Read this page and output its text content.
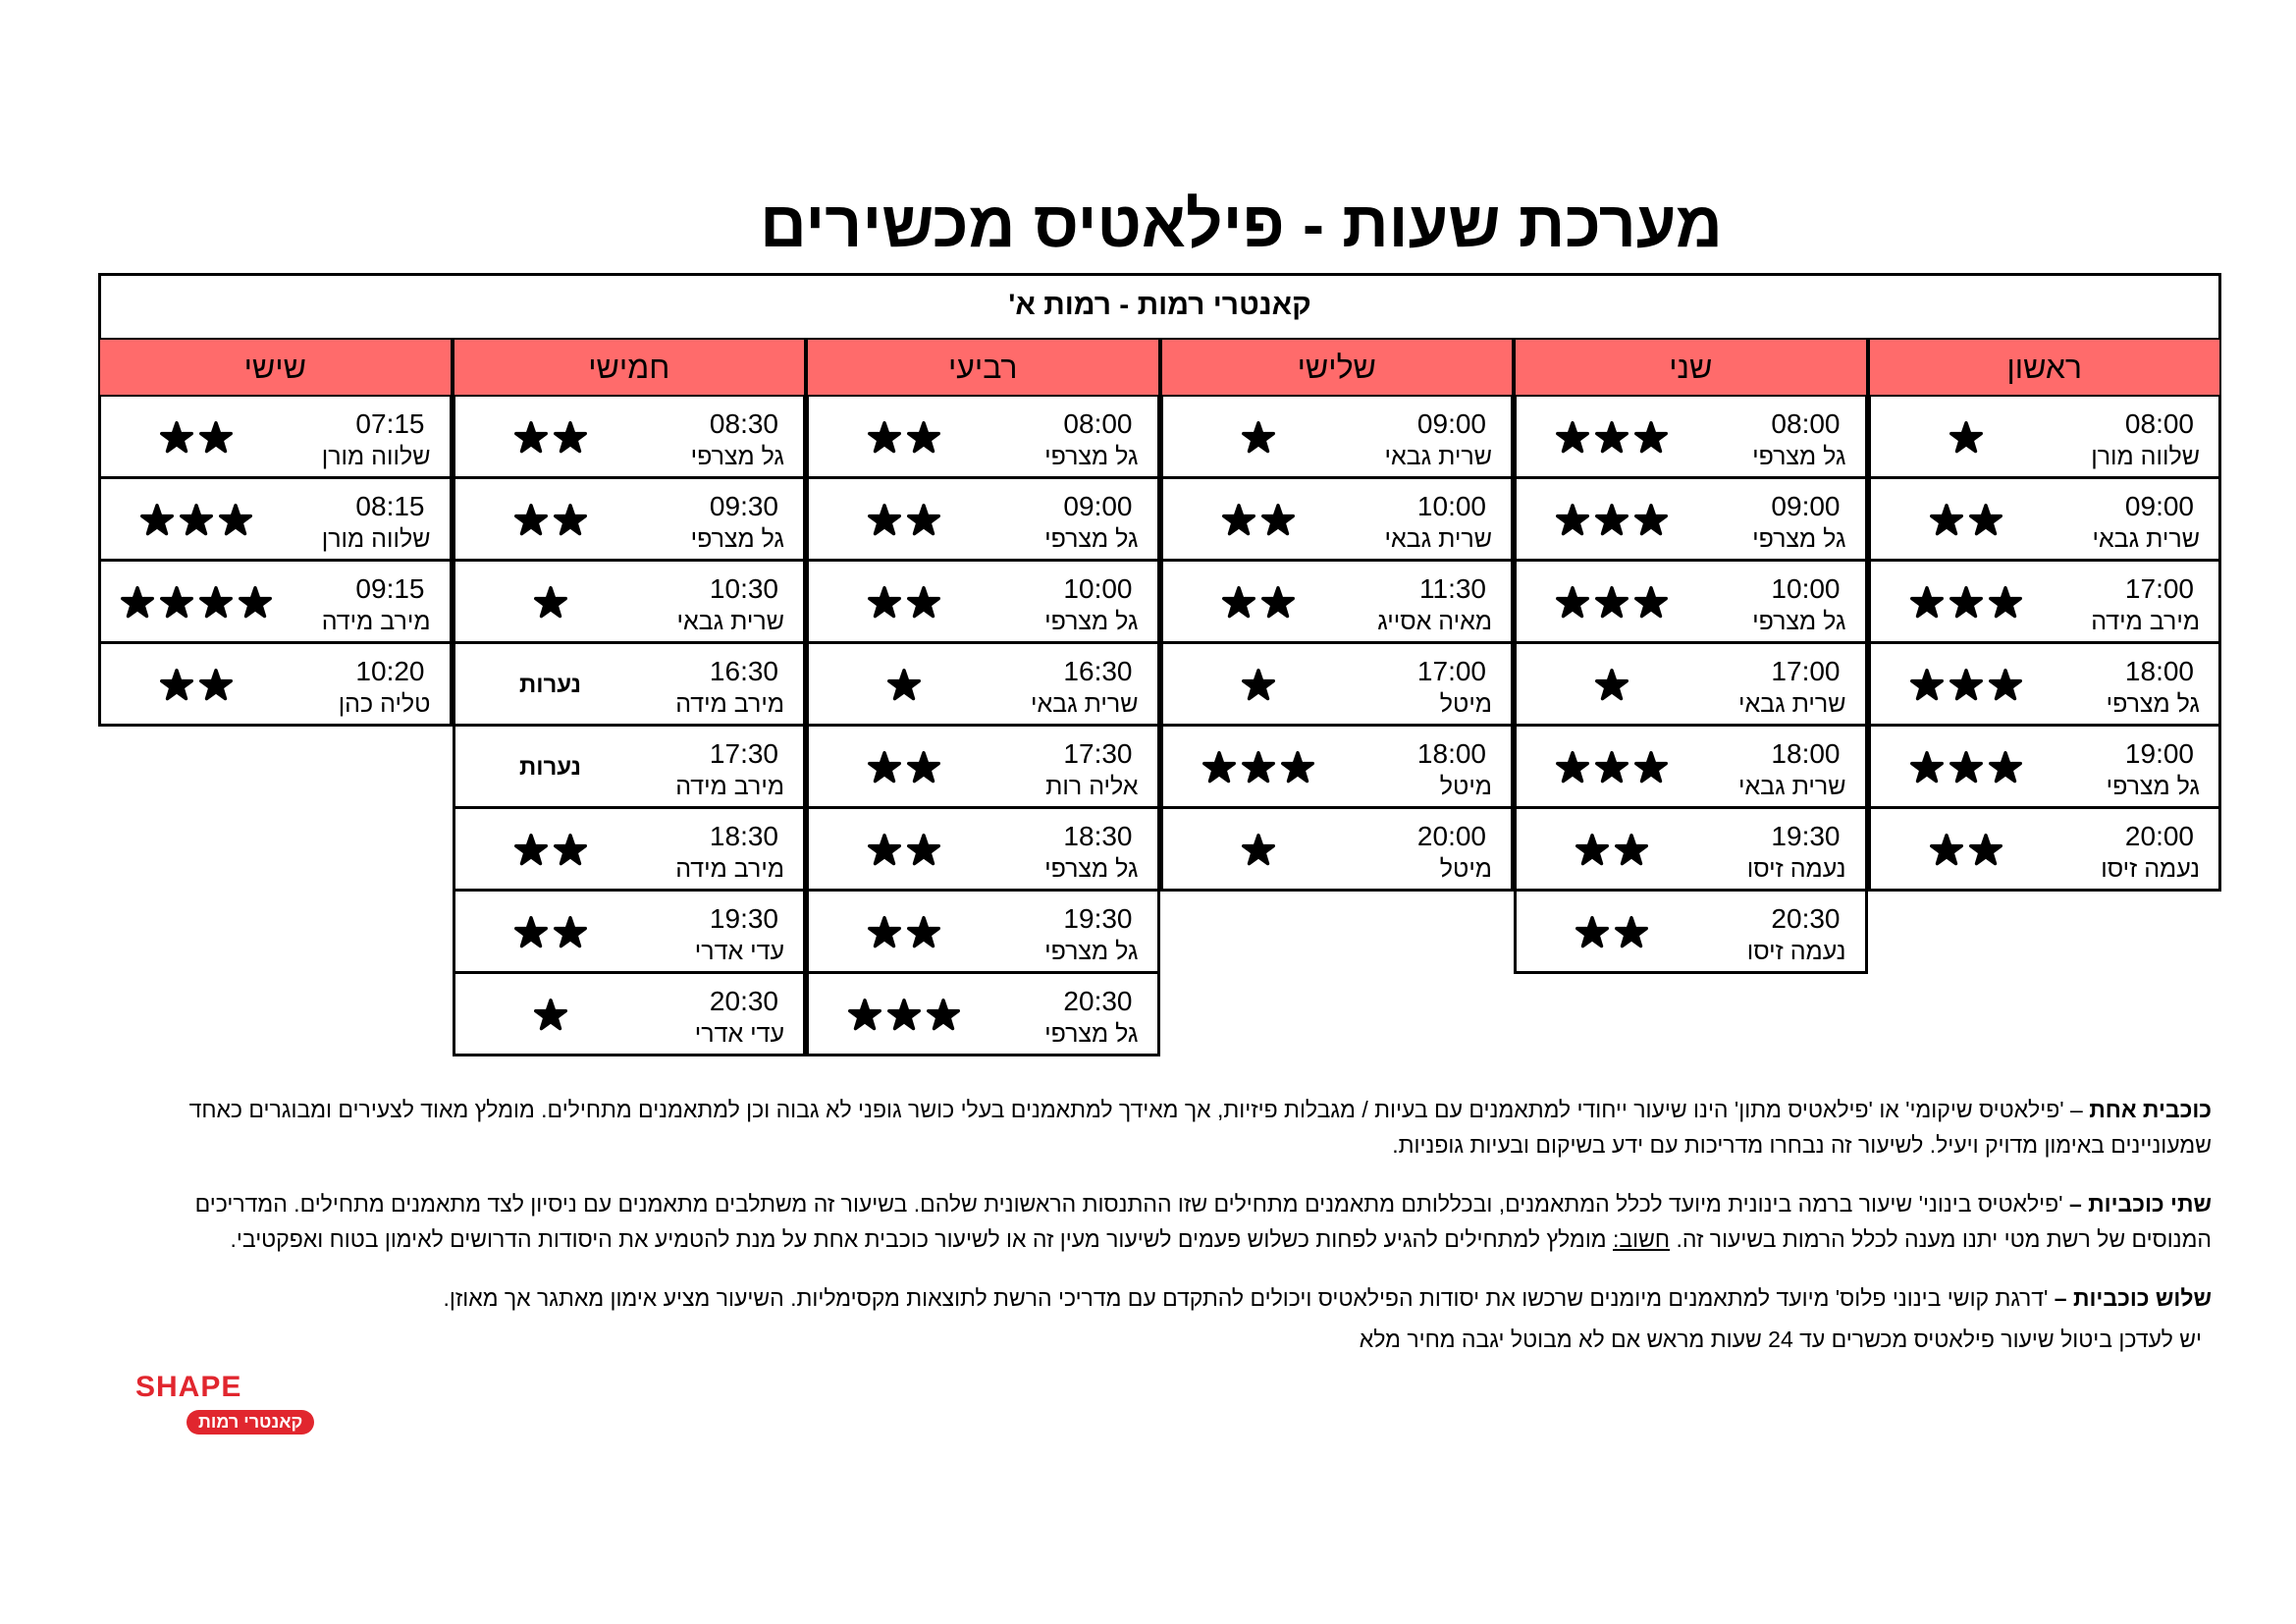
מערכת שעות - פילאטיס מכשירים
קאנטרי רמות - רמות א'
ראשון
08:00
שלווה מורן
09:00
שרית גבאי
17:00
מירב מידה
18:00
גל מצרפי
19:00
גל מצרפי
20:00
נעמה זיסו
שני
08:00
גל מצרפי
09:00
גל מצרפי
10:00
גל מצרפי
17:00
שרית גבאי
18:00
שרית גבאי
19:30
נעמה זיסו
20:30
נעמה זיסו
שלישי
09:00
שרית גבאי
10:00
שרית גבאי
11:30
מאיה אסייג
17:00
מיטל
18:00
מיטל
20:00
מיטל
רביעי
08:00
גל מצרפי
09:00
גל מצרפי
10:00
גל מצרפי
16:30
שרית גבאי
17:30
אליה רות
18:30
גל מצרפי
19:30
גל מצרפי
20:30
גל מצרפי
חמישי
08:30
גל מצרפי
09:30
גל מצרפי
10:30
שרית גבאי
16:30
מירב מידה
נערות
17:30
מירב מידה
נערות
18:30
מירב מידה
19:30
עדי אדרי
20:30
עדי אדרי
שישי
07:15
שלווה מורן
08:15
שלווה מורן
09:15
מירב מידה
10:20
טליה כהן

כוכבית אחת – 'פילאטיס שיקומי' או 'פילאטיס מתון' הינו שיעור ייחודי למתאמנים עם בעיות / מגבלות פיזיות, אך מאידך למתאמנים בעלי כושר גופני לא גבוה וכן למתאמנים מתחילים. מומלץ מאוד לצעירים ומבוגרים כאחד שמעוניינים באימון מדויק ויעיל. לשיעור זה נבחרו מדריכות עם ידע בשיקום ובעיות גופניות.

שתי כוכביות – 'פילאטיס בינוני' שיעור ברמה בינונית מיועד לכלל המתאמנים, ובכללותם מתאמנים מתחילים שזו ההתנסות הראשונית שלהם. בשיעור זה משתלבים מתאמנים עם ניסיון לצד מתאמנים מתחילים. המדריכים המנוסים של רשת מטי יתנו מענה לכלל הרמות בשיעור זה. חשוב: מומלץ למתחילים להגיע לפחות כשלוש פעמים לשיעור מעין זה או לשיעור כוכבית אחת על מנת להטמיע את היסודות הדרושים לאימון בטוח ואפקטיבי.

שלוש כוכביות – 'דרגת קושי בינוני פלוס' מיועד למתאמנים מיומנים שרכשו את יסודות הפילאטיס ויכולים להתקדם עם מדריכי הרשת לתוצאות מקסימליות. השיעור מציע אימון מאתגר אך מאוזן.

יש לעדכן ביטול שיעור פילאטיס מכשרים עד 24 שעות מראש אם לא מבוטל יגבה מחיר מלא

SHAPE
קאנטרי רמות
